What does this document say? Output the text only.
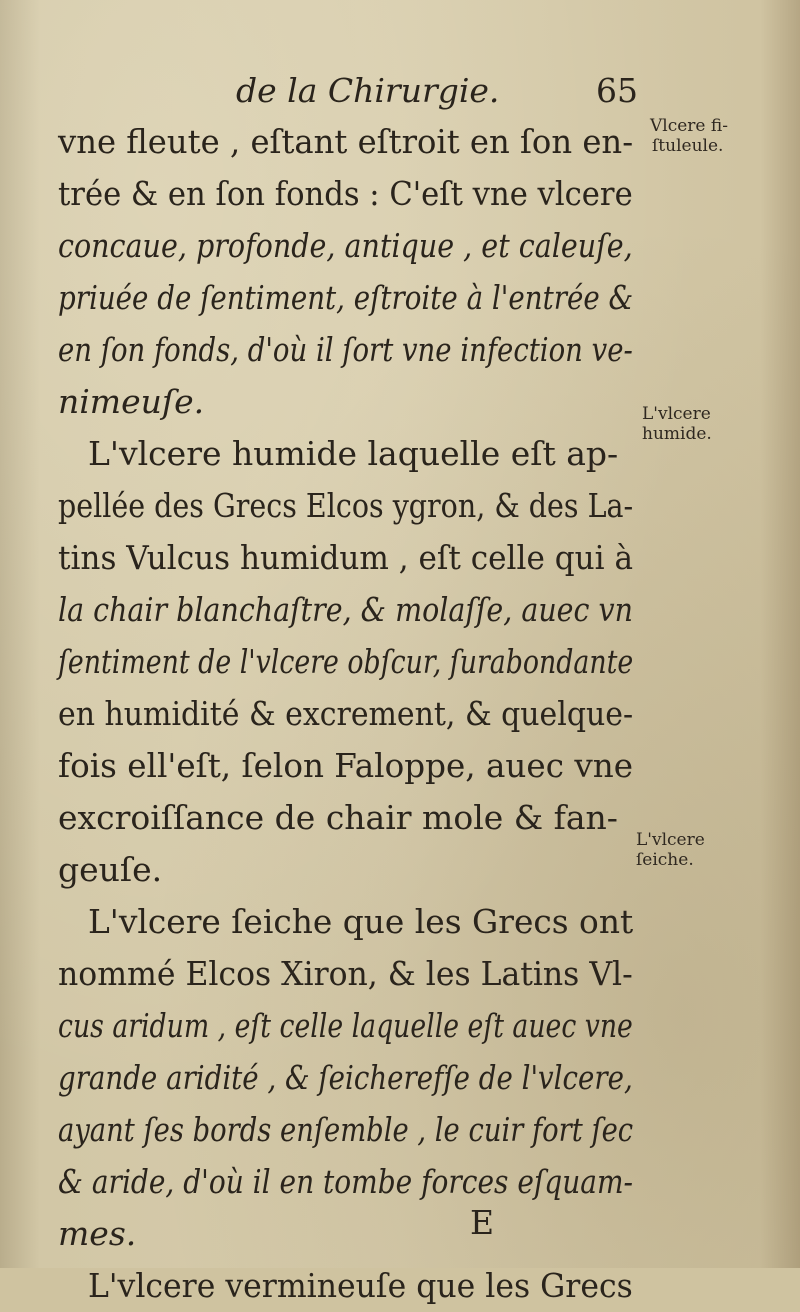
de la Chirurgie.	65
vne fleute , eſtant eſtroit en ſon en-
trée & en ſon fonds : C'eſt vne vlcere
concaue, profonde, antique , et caleuſe,
priuée de ſentiment, eſtroite à l'entrée &
en ſon fonds, d'où il ſort vne infection ve-
nimeuſe.
L'vlcere humide laquelle eſt ap-
pellée des Grecs Elcos ygron, & des La-
tins Vulcus humidum , eſt celle qui à
la chair blanchaſtre, & molaſſe, auec vn
ſentiment de l'vlcere obſcur, ſurabondante
en humidité & excrement, & quelque-
fois ell'eſt, ſelon Faloppe, auec vne
excroiſſance de chair mole & fan-
geuſe.
L'vlcere ſeiche que les Grecs ont
nommé Elcos Xiron, & les Latins Vl-
cus aridum , eſt celle laquelle eſt auec vne
grande aridité , & ſeicherefſe de l'vlcere,
ayant ſes bords enſemble , le cuir fort ſec
& aride, d'où il en tombe forces eſquam-
mes.
L'vlcere vermineuſe que les Grecs
Vlcere fi-
ſtuleule.
L'vlcere
humide.
L'vlcere
ſeiche.
E
